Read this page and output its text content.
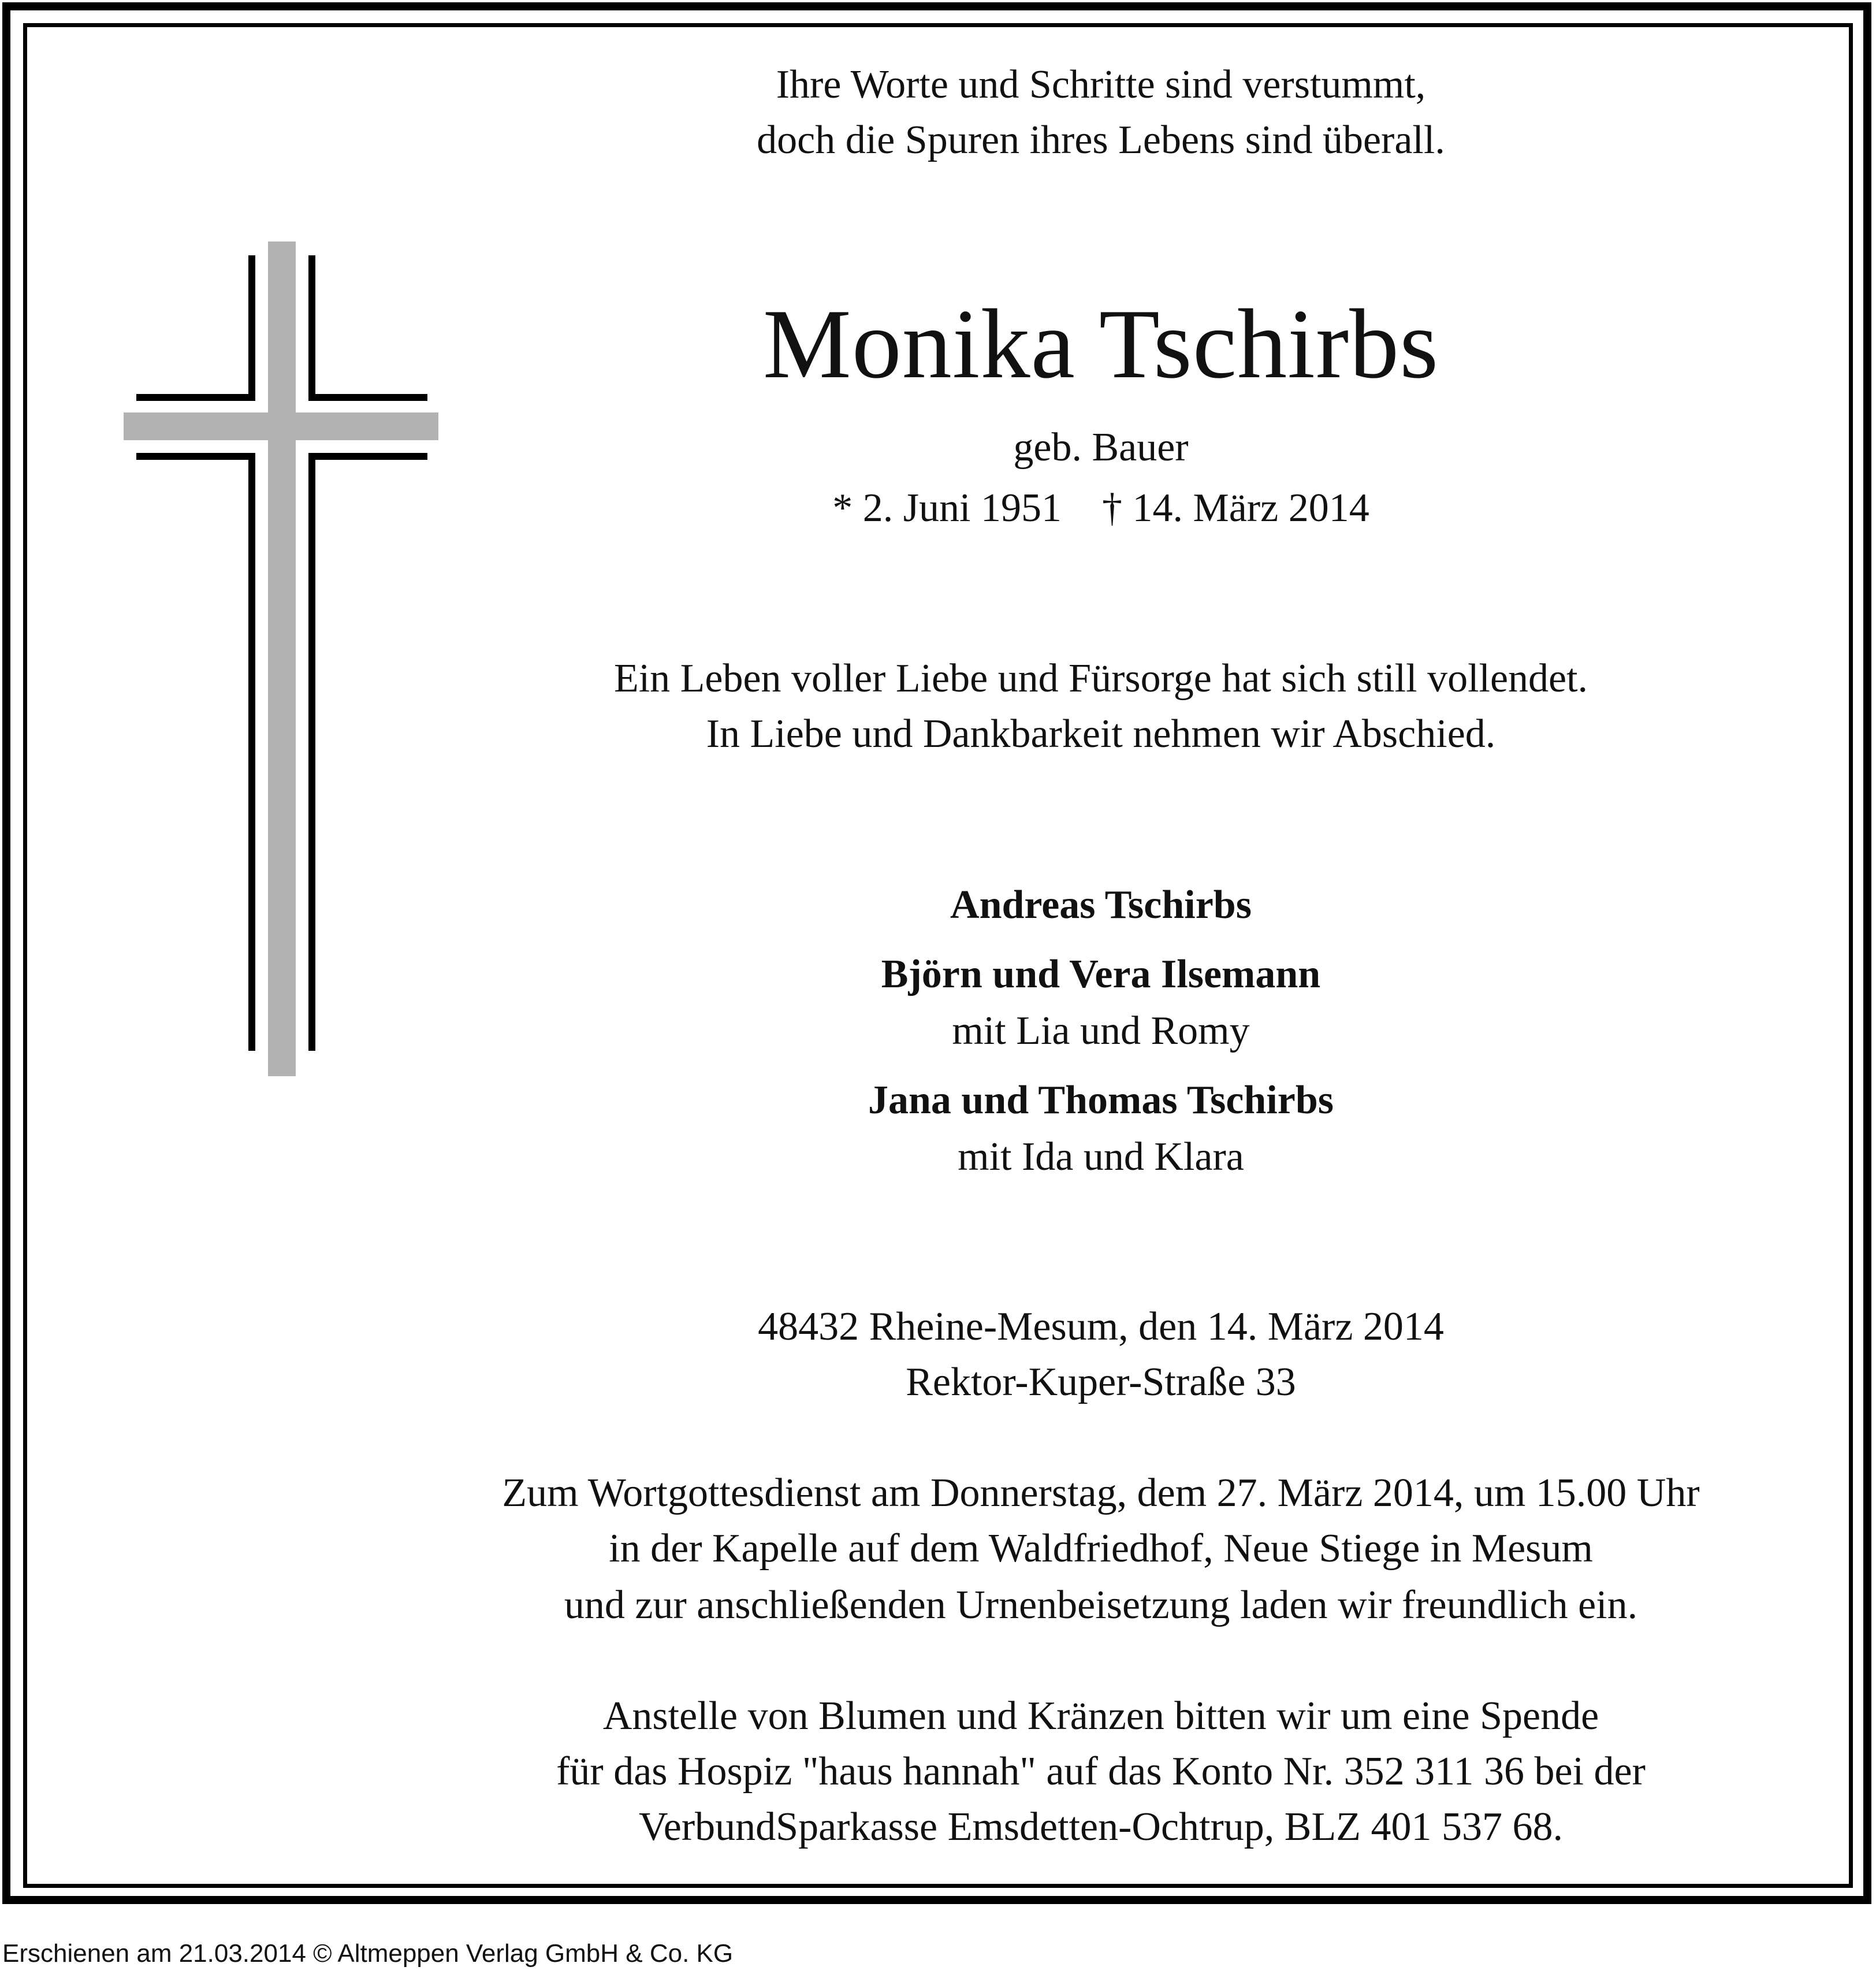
Ihre Worte und Schritte sind verstummt,
doch die Spuren ihres Lebens sind überall.
Monika Tschirbs
geb. Bauer
* 2. Juni 1951 † 14. März 2014
Ein Leben voller Liebe und Fürsorge hat sich still vollendet.
In Liebe und Dankbarkeit nehmen wir Abschied.
Andreas Tschirbs
Björn und Vera Ilsemann
mit Lia und Romy
Jana und Thomas Tschirbs
mit Ida und Klara
48432 Rheine-Mesum, den 14. März 2014
Rektor-Kuper-Straße 33
Zum Wortgottesdienst am Donnerstag, dem 27. März 2014, um 15.00 Uhr
in der Kapelle auf dem Waldfriedhof, Neue Stiege in Mesum
und zur anschließenden Urnenbeisetzung laden wir freundlich ein.
Anstelle von Blumen und Kränzen bitten wir um eine Spende
für das Hospiz "haus hannah" auf das Konto Nr. 352 311 36 bei der
VerbundSparkasse Emsdetten-Ochtrup, BLZ 401 537 68.
Erschienen am 21.03.2014 © Altmeppen Verlag GmbH & Co. KG
